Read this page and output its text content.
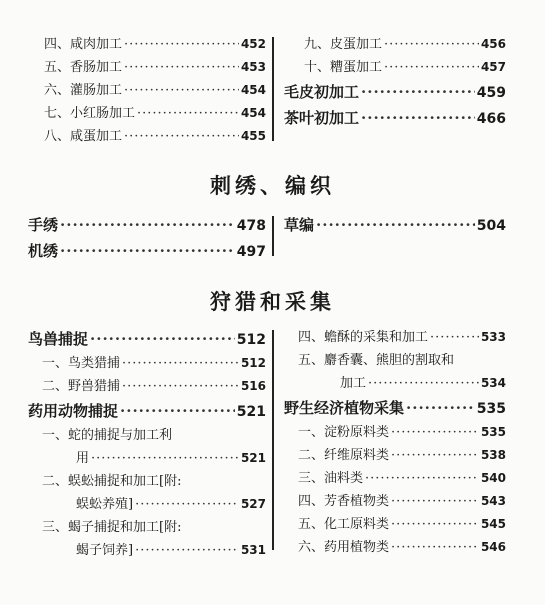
四、咸肉加工 ·····	452
五、香肠加工 ·····	453
六、灌肠加工 ·····	454
七、小红肠加工 ·····	454
八、咸蛋加工 ·····	455
九、皮蛋加工 ·····	456
十、糟蛋加工 ·····	457
毛皮初加工 ·····	459
茶叶初加工 ·····	466
刺绣、编织
手绣 ·····	478
机绣 ·····	497
草编 ·····	504
狩猎和采集
鸟兽捕捉 ·····	512
一、鸟类猎捕 ·····	512
二、野兽猎捕 ·····	516
药用动物捕捉 ·····	521
一、蛇的捕捉与加工利
用 ·····	521
二、蜈蚣捕捉和加工[附:
蜈蚣养殖] ·····	527
三、蝎子捕捉和加工[附:
蝎子饲养] ·····	531
四、蟾酥的采集和加工 ·····	533
五、麝香囊、熊胆的割取和
加工 ·····	534
野生经济植物采集 ·····	535
一、淀粉原料类 ·····	535
二、纤维原料类 ·····	538
三、油料类 ·····	540
四、芳香植物类 ·····	543
五、化工原料类 ·····	545
六、药用植物类 ·····	546
